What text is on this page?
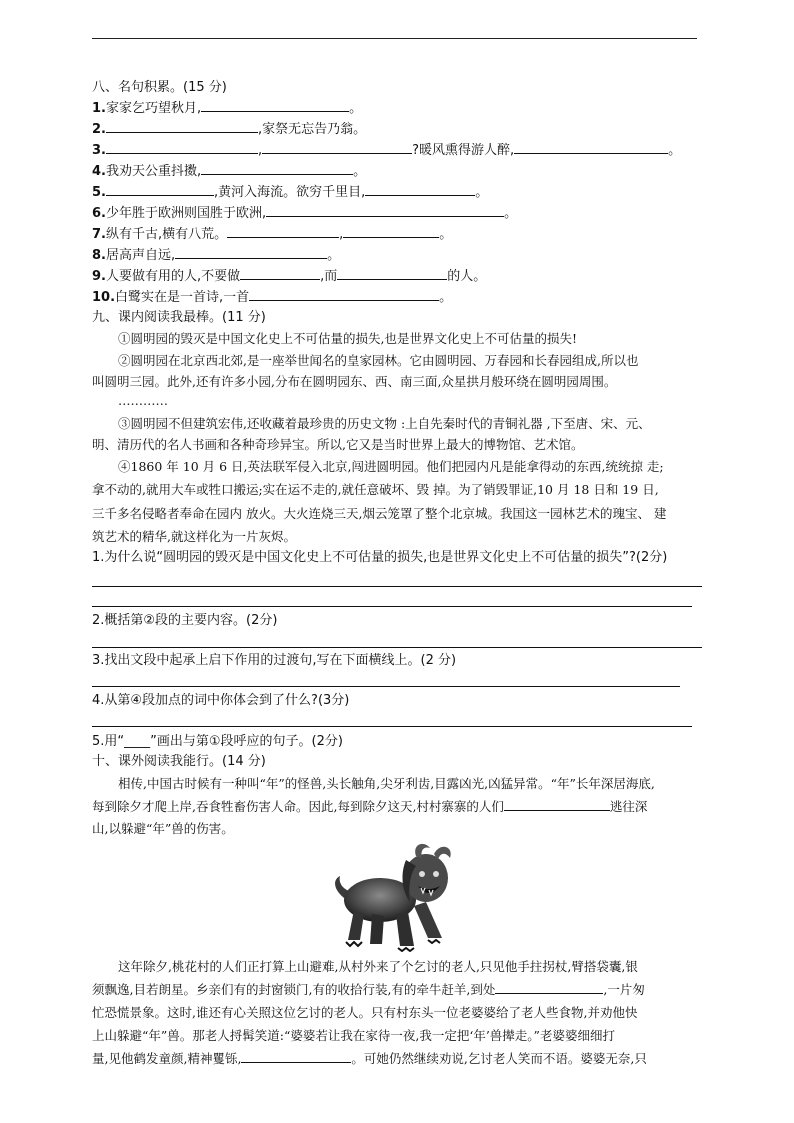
八、名句积累。(15 分)
1.家家乞巧望秋月,	。
2.	,家祭无忘告乃翁。
3.	,	?暖风熏得游人醉,	。
4.我劝天公重抖擞,	。
5.	,黄河入海流。欲穷千里目,	。
6.少年胜于欧洲则国胜于欧洲,	。
7.纵有千古,横有八荒。	,	。
8.居高声自远,	。
9.人要做有用的人,不要做	,而	的人。
10.白鹭实在是一首诗,一首	。
九、课内阅读我最棒。(11 分)
①圆明园的毁灭是中国文化史上不可估量的损失,也是世界文化史上不可估量的损失!
②圆明园在北京西北郊,是一座举世闻名的皇家园林。它由圆明园、万春园和长春园组成,所以也
叫圆明三园。此外,还有许多小园,分布在圆明园东、西、南三面,众星拱月般环绕在圆明园周围。
…………
③圆明园不但建筑宏伟,还收藏着最珍贵的历史文物 :上自先秦时代的青铜礼器 ,下至唐、宋、元、
明、清历代的名人书画和各种奇珍异宝。所以,它又是当时世界上最大的博物馆、艺术馆。
④1860 年 10 月 6 日,英法联军侵入北京,闯进圆明园。他们把园内凡是能拿得动的东西,统统掠 走;
拿不动的,就用大车或牲口搬运;实在运不走的,就任意破坏、毁 掉。为了销毁罪证,10 月 18 日和 19 日,
三千多名侵略者奉命在园内 放火。大火连烧三天,烟云笼罩了整个北京城。我国这一园林艺术的瑰宝、 建
筑艺术的精华,就这样化为一片灰烬。
1.为什么说“圆明园的毁灭是中国文化史上不可估量的损失,也是世界文化史上不可估量的损失”?(2分)
2.概括第②段的主要内容。(2分)
3.找出文段中起承上启下作用的过渡句,写在下面横线上。(2 分)
4.从第④段加点的词中你体会到了什么?(3分)
5.用“____”画出与第①段呼应的句子。(2分)
十、课外阅读我能行。(14 分)
相传,中国古时候有一种叫“年”的怪兽,头长触角,尖牙利齿,目露凶光,凶猛异常。“年”长年深居海底,
每到除夕才爬上岸,吞食牲畜伤害人命。因此,每到除夕这天,村村寨寨的人们	逃往深
山,以躲避“年”兽的伤害。
这年除夕,桃花村的人们正打算上山避难,从村外来了个乞讨的老人,只见他手拄拐杖,臂搭袋囊,银
须飘逸,目若朗星。乡亲们有的封窗锁门,有的收拾行装,有的牵牛赶羊,到处	,一片匆
忙恐慌景象。这时,谁还有心关照这位乞讨的老人。只有村东头一位老婆婆给了老人些食物,并劝他快
上山躲避“年”兽。那老人捋髯笑道:“婆婆若让我在家待一夜,我一定把‘年’兽撵走。”老婆婆细细打
量,见他鹤发童颜,精神矍铄,	。可她仍然继续劝说,乞讨老人笑而不语。婆婆无奈,只
